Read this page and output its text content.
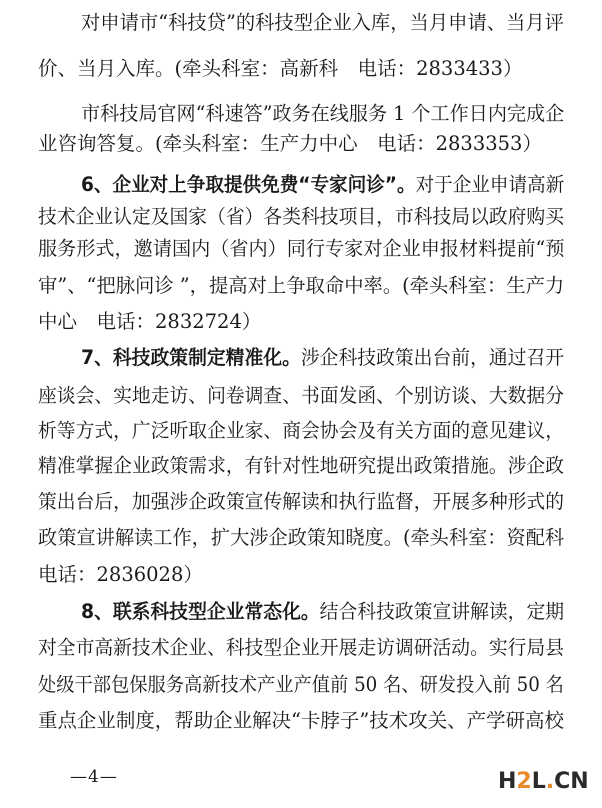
对申请市“科技贷”的科技型企业入库，当月申请、当月评
价、当月入库。(牵头科室：高新科　电话：2833433）
市科技局官网“科速答”政务在线服务 1 个工作日内完成企
业咨询答复。(牵头科室：生产力中心　电话：2833353）
6、企业对上争取提供免费“专家问诊”。对于企业申请高新
技术企业认定及国家（省）各类科技项目，市科技局以政府购买
服务形式，邀请国内（省内）同行专家对企业申报材料提前“预
审”、“把脉问诊 ”，提高对上争取命中率。(牵头科室：生产力
中心　电话：2832724）
7、科技政策制定精准化。涉企科技政策出台前，通过召开
座谈会、实地走访、问卷调查、书面发函、个别访谈、大数据分
析等方式，广泛听取企业家、商会协会及有关方面的意见建议，
精准掌握企业政策需求，有针对性地研究提出政策措施。涉企政
策出台后，加强涉企政策宣传解读和执行监督，开展多种形式的
政策宣讲解读工作，扩大涉企政策知晓度。(牵头科室：资配科
电话：2836028）
8、联系科技型企业常态化。结合科技政策宣讲解读，定期
对全市高新技术企业、科技型企业开展走访调研活动。实行局县
处级干部包保服务高新技术产业产值前 50 名、研发投入前 50 名
重点企业制度，帮助企业解决“卡脖子”技术攻关、产学研高校
—4—	H 2 L . CN
